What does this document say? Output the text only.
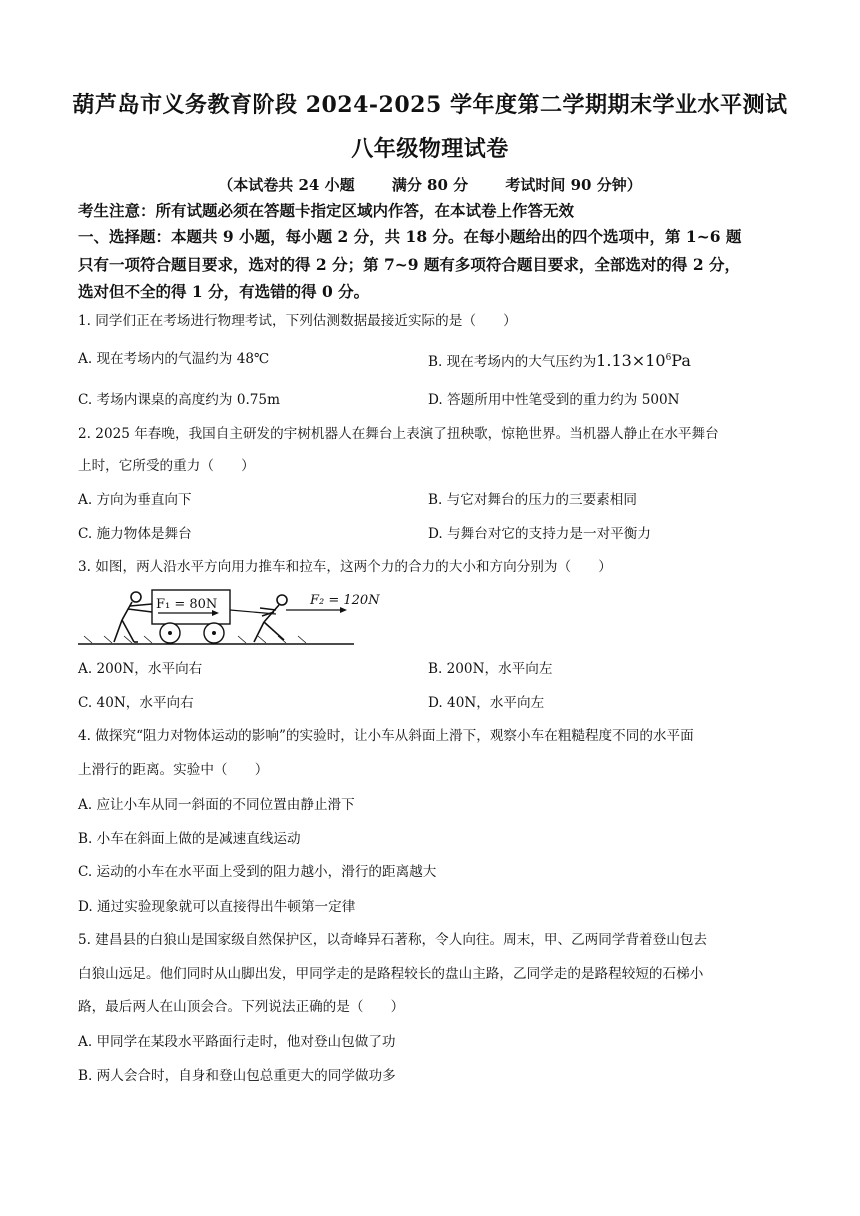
葫芦岛市义务教育阶段 2024-2025 学年度第二学期期末学业水平测试
八年级物理试卷
（本试卷共 24 小题 满分 80 分 考试时间 90 分钟）
考生注意：所有试题必须在答题卡指定区域内作答，在本试卷上作答无效
一、选择题：本题共 9 小题，每小题 2 分，共 18 分。在每小题给出的四个选项中，第 1~6 题
只有一项符合题目要求，选对的得 2 分；第 7~9 题有多项符合题目要求，全部选对的得 2 分，
选对但不全的得 1 分，有选错的得 0 分。
1. 同学们正在考场进行物理考试，下列估测数据最接近实际的是（　　）
A. 现在考场内的气温约为 48℃	B. 现在考场内的大气压约为$1.13\times 10^6Pa$
C. 考场内课桌的高度约为 0.75m	D. 答题所用中性笔受到的重力约为 500N
2. 2025 年春晚，我国自主研发的宇树机器人在舞台上表演了扭秧歌，惊艳世界。当机器人静止在水平舞台
上时，它所受的重力（　　）
A. 方向为垂直向下	B. 与它对舞台的压力的三要素相同
C. 施力物体是舞台	D. 与舞台对它的支持力是一对平衡力
3. 如图，两人沿水平方向用力推车和拉车，这两个力的合力的大小和方向分别为（　　）
F₁ = 80N	F₂ = 120N
A. 200N，水平向右	B. 200N，水平向左
C. 40N，水平向右	D. 40N，水平向左
4. 做探究“阻力对物体运动的影响”的实验时，让小车从斜面上滑下，观察小车在粗糙程度不同的水平面
上滑行的距离。实验中（　　）
A. 应让小车从同一斜面的不同位置由静止滑下
B. 小车在斜面上做的是减速直线运动
C. 运动的小车在水平面上受到的阻力越小，滑行的距离越大
D. 通过实验现象就可以直接得出牛顿第一定律
5. 建昌县的白狼山是国家级自然保护区，以奇峰异石著称，令人向往。周末，甲、乙两同学背着登山包去
白狼山远足。他们同时从山脚出发，甲同学走的是路程较长的盘山主路，乙同学走的是路程较短的石梯小
路，最后两人在山顶会合。下列说法正确的是（　　）
A. 甲同学在某段水平路面行走时，他对登山包做了功
B. 两人会合时，自身和登山包总重更大的同学做功多
